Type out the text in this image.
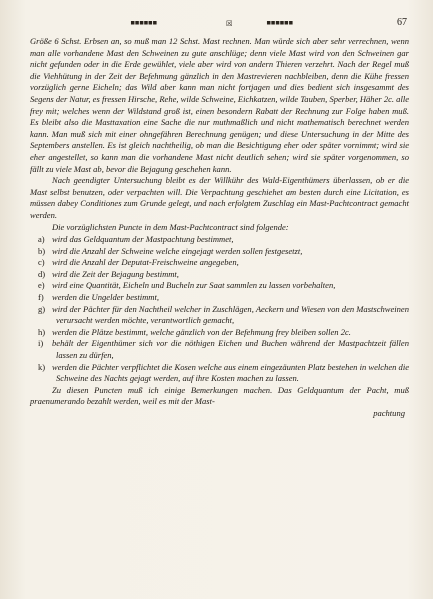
▪▪▪▪▪▪	☒	▪▪▪▪▪▪	67

Größe 6 Schst. Erbsen an, so muß man 12 Schst. Mast rechnen. Man würde sich aber sehr verrechnen, wenn man alle vorhandene Mast den Schweinen zu gute anschlüge; denn viele Mast wird von den Schweinen gar nicht gefunden oder in die Erde gewühlet, viele aber wird von andern Thieren verzehrt. Nach der Regel muß die Viehhütung in der Zeit der Befehmung gänzlich in den Mastrevieren nachbleiben, denn die Kühe fressen vorzüglich gerne Eicheln; das Wild aber kann man nicht fortjagen und dies bedient sich insgesammt des Segens der Natur, es fressen Hirsche, Rehe, wilde Schweine, Eichkatzen, wilde Tauben, Sperber, Häher 2c. alle frey mit; welches wenn der Wildstand groß ist, einen besondern Rabatt der Rechnung zur Folge haben muß. Es bleibt also die Masttaxation eine Sache die nur muthmaßlich und nicht mathematisch berechnet werden kann. Man muß sich mit einer ohngefähren Berechnung genügen; und diese Untersuchung in der Mitte des Septembers anstellen. Es ist gleich nachtheilig, ob man die Besichtigung eher oder später vornimmt; wird sie eher angestellet, so kann man die vorhandene Mast nicht deutlich sehen; wird sie später vorgenommen, so fällt zu viele Mast ab, bevor die Bejagung geschehen kann.

Nach geendigter Untersuchung bleibt es der Willkühr des Wald-Eigenthümers überlassen, ob er die Mast selbst benutzen, oder verpachten will. Die Verpachtung geschiehet am besten durch eine Licitation, es müssen dabey Conditiones zum Grunde gelegt, und nach erfolgtem Zuschlag ein Mast-Pachtcontract gemacht werden.

Die vorzüglichsten Puncte in dem Mast-Pachtcontract sind folgende:

a) wird das Geldquantum der Mastpachtung bestimmet,
b) wird die Anzahl der Schweine welche eingejagt werden sollen festgesetzt,
c) wird die Anzahl der Deputat-Freischweine angegeben,
d) wird die Zeit der Bejagung bestimmt,
e) wird eine Quantität, Eicheln und Bucheln zur Saat sammlen zu lassen vorbehalten,
f) werden die Ungelder bestimmt,
g) wird der Pächter für den Nachtheil welcher in Zuschlägen, Aeckern und Wiesen von den Mastschweinen verursacht werden möchte, verantwortlich gemacht,
h) werden die Plätze bestimmt, welche gänzlich von der Befehmung frey bleiben sollen 2c.
i) behält der Eigenthümer sich vor die nöthigen Eichen und Buchen während der Mastpachtzeit fällen lassen zu dürfen,
k) werden die Pächter verpflichtet die Kosen welche aus einem eingezäunten Platz bestehen in welchen die Schweine des Nachts gejagt werden, auf ihre Kosten machen zu lassen.

Zu diesen Puncten muß ich einige Bemerkungen machen. Das Geldquantum der Pacht, muß praenumerando bezahlt werden, weil es mit der Mast-

pachtung
